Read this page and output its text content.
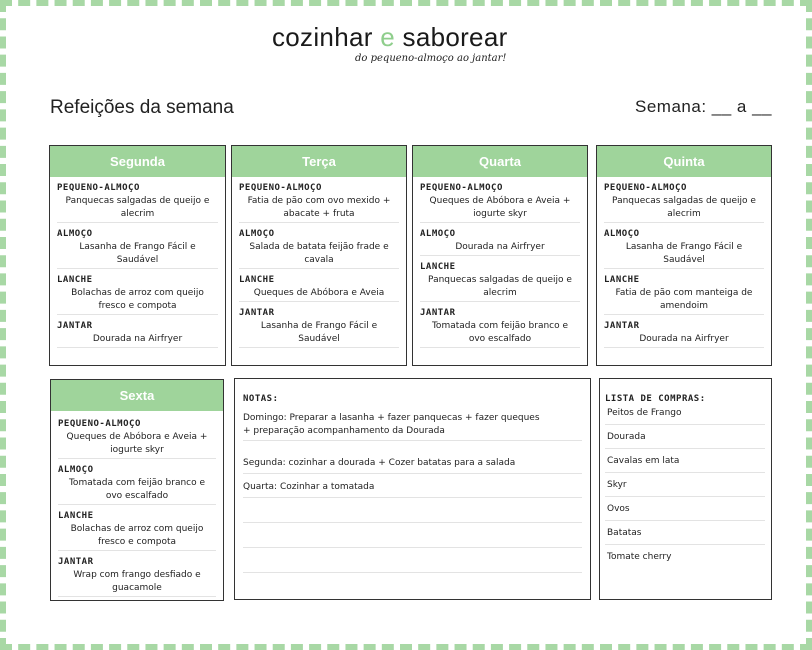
cozinhar e saborear
do pequeno-almoço ao jantar!
Refeições da semana	Semana: __ a __
Segunda
PEQUENO-ALMOÇO
Panquecas salgadas de queijo e alecrim
ALMOÇO
Lasanha de Frango Fácil e Saudável
LANCHE
Bolachas de arroz com queijo fresco e compota
JANTAR
Dourada na Airfryer
Terça
PEQUENO-ALMOÇO
Fatia de pão com ovo mexido + abacate + fruta
ALMOÇO
Salada de batata feijão frade e cavala
LANCHE
Queques de Abóbora e Aveia
JANTAR
Lasanha de Frango Fácil e Saudável
Quarta
PEQUENO-ALMOÇO
Queques de Abóbora e Aveia + iogurte skyr
ALMOÇO
Dourada na Airfryer
LANCHE
Panquecas salgadas de queijo e alecrim
JANTAR
Tomatada com feijão branco e ovo escalfado
Quinta
PEQUENO-ALMOÇO
Panquecas salgadas de queijo e alecrim
ALMOÇO
Lasanha de Frango Fácil e Saudável
LANCHE
Fatia de pão com manteiga de amendoim
JANTAR
Dourada na Airfryer
Sexta
PEQUENO-ALMOÇO
Queques de Abóbora e Aveia + iogurte skyr
ALMOÇO
Tomatada com feijão branco e ovo escalfado
LANCHE
Bolachas de arroz com queijo fresco e compota
JANTAR
Wrap com frango desfiado e guacamole
NOTAS:
Domingo: Preparar a lasanha + fazer panquecas + fazer queques + preparação acompanhamento da Dourada
Segunda: cozinhar a dourada + Cozer batatas para a salada
Quarta: Cozinhar a tomatada
LISTA DE COMPRAS:
Peitos de Frango
Dourada
Cavalas em lata
Skyr
Ovos
Batatas
Tomate cherry
